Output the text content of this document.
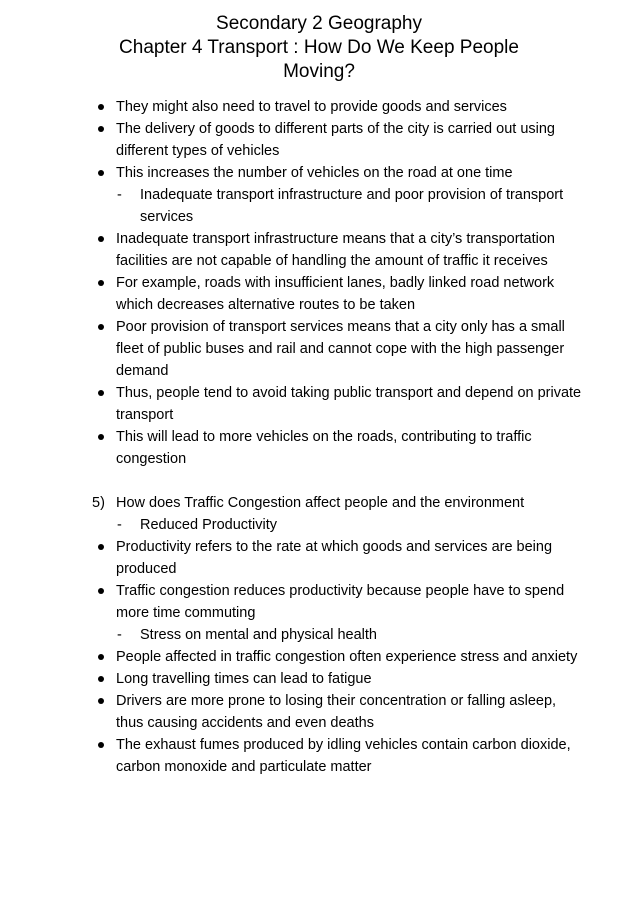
Secondary 2 Geography
Chapter 4 Transport : How Do We Keep People
Moving?
They might also need to travel to provide goods and services
The delivery of goods to different parts of the city is carried out using different types of vehicles
This increases the number of vehicles on the road at one time
- Inadequate transport infrastructure and poor provision of transport services
Inadequate transport infrastructure means that a city’s transportation facilities are not capable of handling the amount of traffic it receives
For example, roads with insufficient lanes, badly linked road network which decreases alternative routes to be taken
Poor provision of transport services means that a city only has a small fleet of public buses and rail and cannot cope with the high passenger demand
Thus, people tend to avoid taking public transport and depend on private transport
This will lead to more vehicles on the roads, contributing to traffic congestion
5) How does Traffic Congestion affect people and the environment
- Reduced Productivity
Productivity refers to the rate at which goods and services are being produced
Traffic congestion reduces productivity because people have to spend more time commuting
- Stress on mental and physical health
People affected in traffic congestion often experience stress and anxiety
Long travelling times can lead to fatigue
Drivers are more prone to losing their concentration or falling asleep, thus causing accidents and even deaths
The exhaust fumes produced by idling vehicles contain carbon dioxide, carbon monoxide and particulate matter
